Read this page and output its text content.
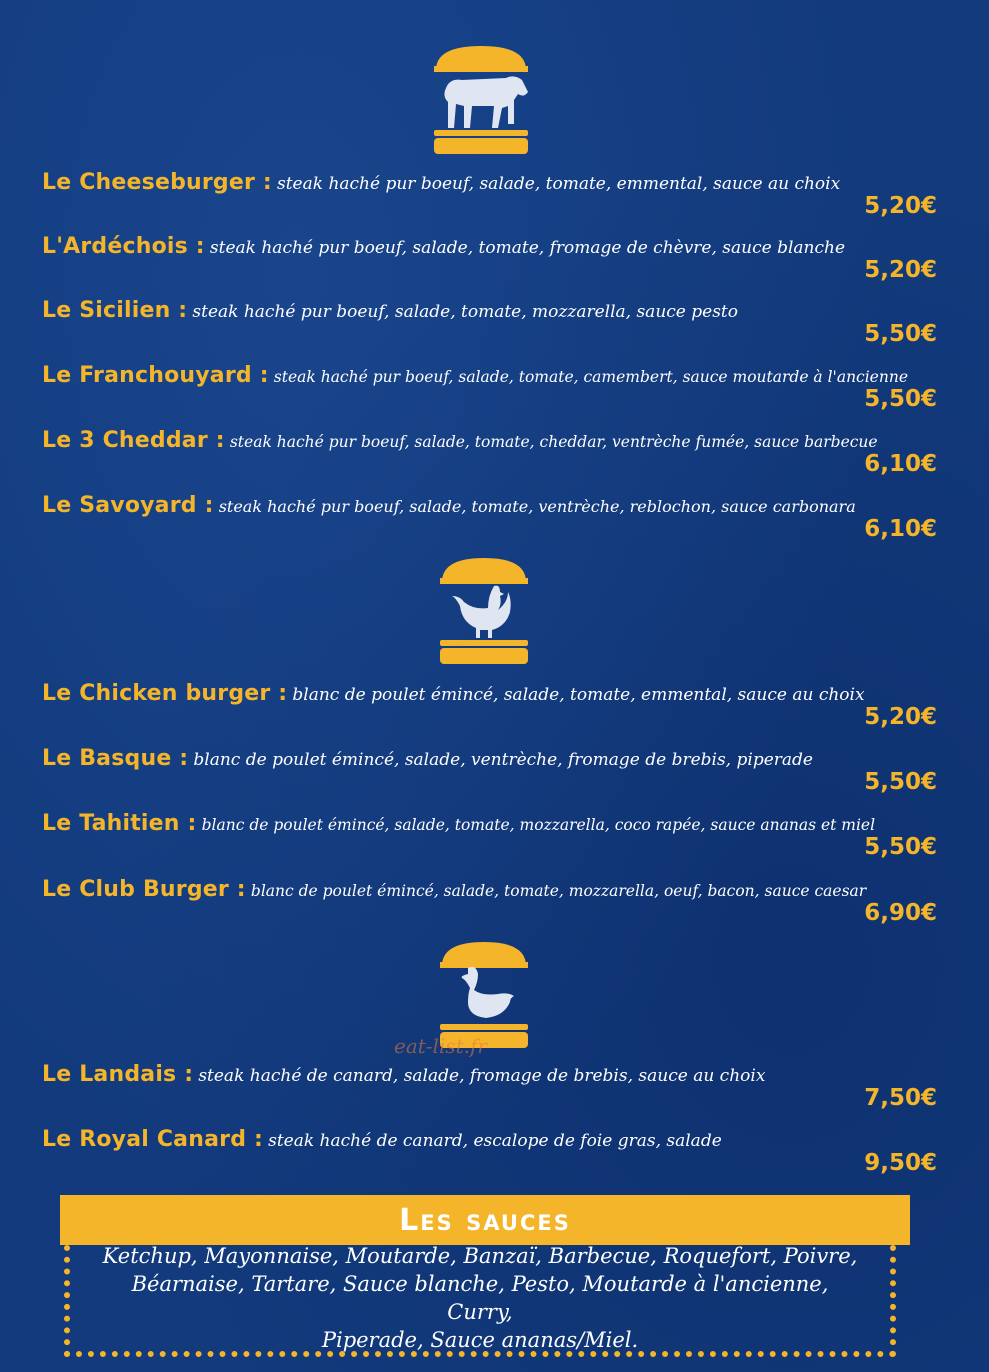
Le Cheeseburger : steak haché pur boeuf, salade, tomate, emmental, sauce au choix
5,20€
L'Ardéchois : steak haché pur boeuf, salade, tomate, fromage de chèvre, sauce blanche
5,20€
Le Sicilien : steak haché pur boeuf, salade, tomate, mozzarella, sauce pesto
5,50€
Le Franchouyard : steak haché pur boeuf, salade, tomate, camembert, sauce moutarde à l'ancienne
5,50€
Le 3 Cheddar : steak haché pur boeuf, salade, tomate, cheddar, ventrèche fumée, sauce barbecue
6,10€
Le Savoyard : steak haché pur boeuf, salade, tomate, ventrèche, reblochon, sauce carbonara
6,10€
Le Chicken burger : blanc de poulet émincé, salade, tomate, emmental, sauce au choix
5,20€
Le Basque : blanc de poulet émincé, salade, ventrèche, fromage de brebis, piperade
5,50€
Le Tahitien : blanc de poulet émincé, salade, tomate, mozzarella, coco rapée, sauce ananas et miel
5,50€
Le Club Burger : blanc de poulet émincé, salade, tomate, mozzarella, oeuf, bacon, sauce caesar
6,90€
eat-list.fr
Le Landais : steak haché de canard, salade, fromage de brebis, sauce au choix
7,50€
Le Royal Canard : steak haché de canard, escalope de foie gras, salade
9,50€
Les sauces
Ketchup, Mayonnaise, Moutarde, Banzaï, Barbecue, Roquefort, Poivre,
Béarnaise, Tartare, Sauce blanche, Pesto, Moutarde à l'ancienne, Curry,
Piperade, Sauce ananas/Miel.
